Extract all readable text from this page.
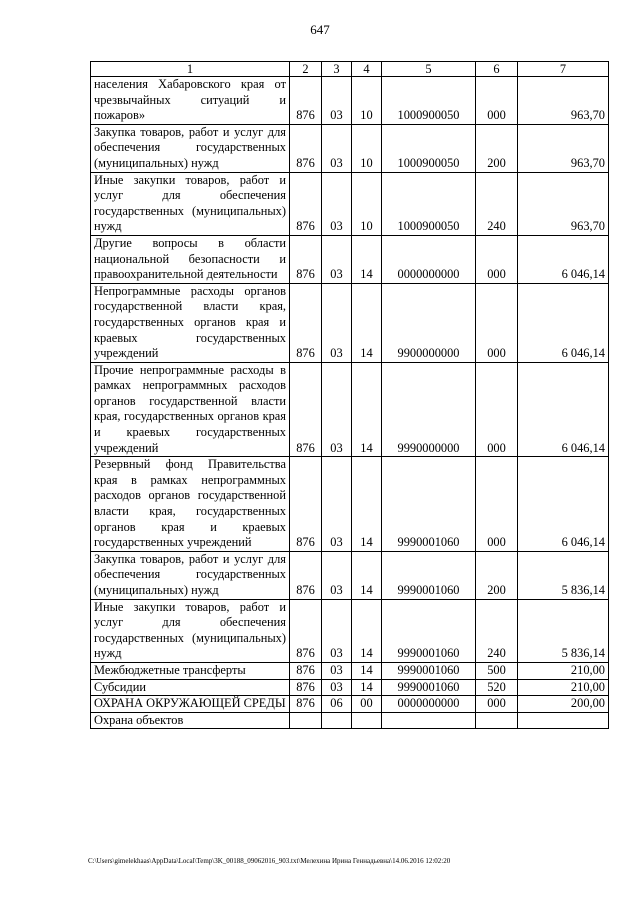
647
1	2	3	4	5	6	7
населения Хабаровского края от чрезвычайных ситуаций и пожаров»	876	03	10	1000900050	000	963,70
Закупка товаров, работ и услуг для обеспечения государственных (муниципальных) нужд	876	03	10	1000900050	200	963,70
Иные закупки товаров, работ и услуг для обеспечения государственных (муниципальных) нужд	876	03	10	1000900050	240	963,70
Другие вопросы в области национальной безопасности и правоохранительной деятельности	876	03	14	0000000000	000	6 046,14
Непрограммные расходы органов государственной власти края, государственных органов края и краевых государственных учреждений	876	03	14	9900000000	000	6 046,14
Прочие непрограммные расходы в рамках непрограммных расходов органов государственной власти края, государственных органов края и краевых государственных учреждений	876	03	14	9990000000	000	6 046,14
Резервный фонд Правительства края в рамках непрограммных расходов органов государственной власти края, государственных органов края и краевых государственных учреждений	876	03	14	9990001060	000	6 046,14
Закупка товаров, работ и услуг для обеспечения государственных (муниципальных) нужд	876	03	14	9990001060	200	5 836,14
Иные закупки товаров, работ и услуг для обеспечения государственных (муниципальных) нужд	876	03	14	9990001060	240	5 836,14
Межбюджетные трансферты	876	03	14	9990001060	500	210,00
Субсидии	876	03	14	9990001060	520	210,00
ОХРАНА ОКРУЖАЮЩЕЙ СРЕДЫ	876	06	00	0000000000	000	200,00
Охрана объектов						
C:\Users\gimelekhaas\AppData\Local\Temp\3K_00188_09062016_903.txt\Мелехина Ирина Геннадьевна\14.06.2016 12:02:20
